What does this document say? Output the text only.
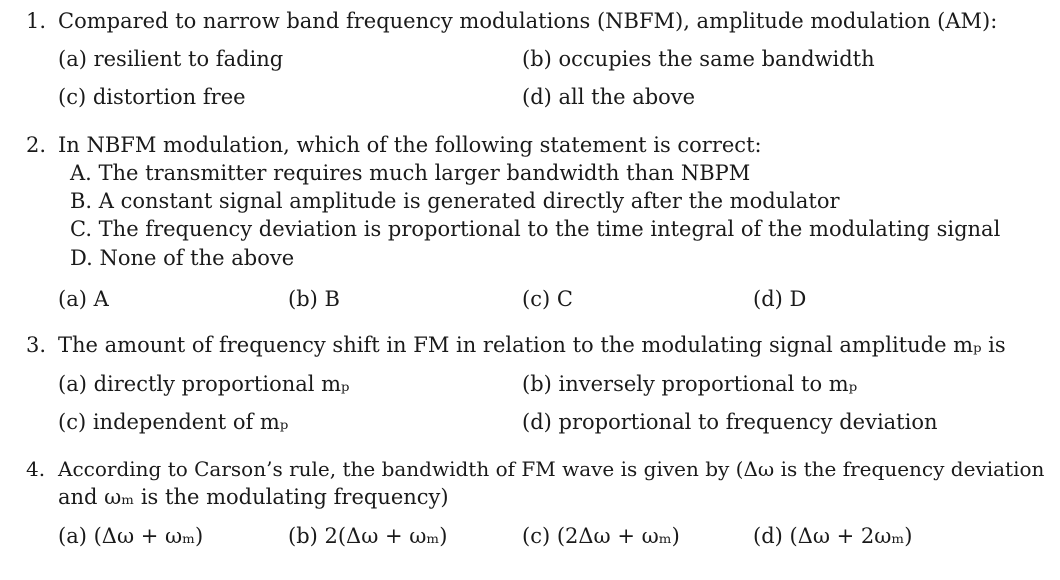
1. Compared to narrow band frequency modulations (NBFM), amplitude modulation (AM):
(a) resilient to fading	(b) occupies the same bandwidth
(c) distortion free	(d) all the above
2. In NBFM modulation, which of the following statement is correct:
A. The transmitter requires much larger bandwidth than NBPM
B. A constant signal amplitude is generated directly after the modulator
C. The frequency deviation is proportional to the time integral of the modulating signal
D. None of the above
(a) A	(b) B	(c) C	(d) D
3. The amount of frequency shift in FM in relation to the modulating signal amplitude mₚ is
(a) directly proportional mₚ	(b) inversely proportional to mₚ
(c) independent of mₚ	(d) proportional to frequency deviation
4. According to Carson’s rule, the bandwidth of FM wave is given by (Δω is the frequency deviation
and ωₘ is the modulating frequency)
(a) (Δω + ωₘ)	(b) 2(Δω + ωₘ)	(c) (2Δω + ωₘ)	(d) (Δω + 2ωₘ)
